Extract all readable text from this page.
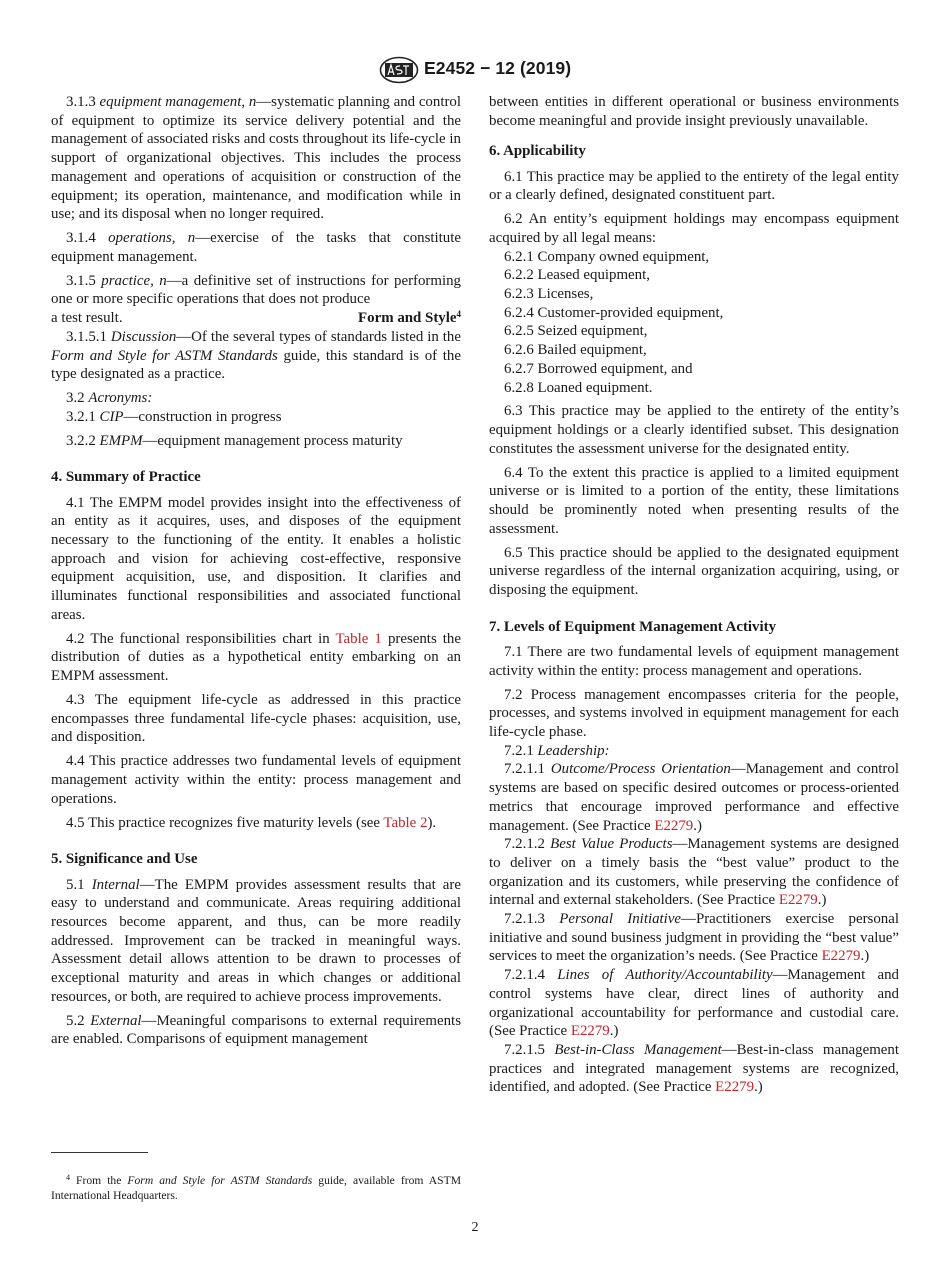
E2452 − 12 (2019)

3.1.3 equipment management, n—systematic planning and control of equipment to optimize its service delivery potential and the management of associated risks and costs throughout its life-cycle in support of organizational objectives. This includes the process management and operations of acquisition or construction of the equipment; its operation, maintenance, and modification while in use; and its disposal when no longer required.

3.1.4 operations, n—exercise of the tasks that constitute equipment management.

3.1.5 practice, n—a definitive set of instructions for performing one or more specific operations that does not produce

a test result.	Form and Style$^4$

3.1.5.1 Discussion—Of the several types of standards listed in the Form and Style for ASTM Standards guide, this standard is of the type designated as a practice.

3.2 Acronyms:

3.2.1 CIP—construction in progress

3.2.2 EMPM—equipment management process maturity

4. Summary of Practice

4.1 The EMPM model provides insight into the effectiveness of an entity as it acquires, uses, and disposes of the equipment necessary to the functioning of the entity. It enables a holistic approach and vision for achieving cost-effective, responsive equipment acquisition, use, and disposition. It clarifies and illuminates functional responsibilities and associated functional areas.

4.2 The functional responsibilities chart in Table 1 presents the distribution of duties as a hypothetical entity embarking on an EMPM assessment.

4.3 The equipment life-cycle as addressed in this practice encompasses three fundamental life-cycle phases: acquisition, use, and disposition.

4.4 This practice addresses two fundamental levels of equipment management activity within the entity: process management and operations.

4.5 This practice recognizes five maturity levels (see Table 2).

5. Significance and Use

5.1 Internal—The EMPM provides assessment results that are easy to understand and communicate. Areas requiring additional resources become apparent, and thus, can be more readily addressed. Improvement can be tracked in meaningful ways. Assessment detail allows attention to be drawn to processes of exceptional maturity and areas in which changes or additional resources, or both, are required to achieve process improvements.

5.2 External—Meaningful comparisons to external requirements are enabled. Comparisons of equipment management

between entities in different operational or business environments become meaningful and provide insight previously unavailable.

6. Applicability

6.1 This practice may be applied to the entirety of the legal entity or a clearly defined, designated constituent part.

6.2 An entity’s equipment holdings may encompass equipment acquired by all legal means:

6.2.1 Company owned equipment,

6.2.2 Leased equipment,

6.2.3 Licenses,

6.2.4 Customer-provided equipment,

6.2.5 Seized equipment,

6.2.6 Bailed equipment,

6.2.7 Borrowed equipment, and

6.2.8 Loaned equipment.

6.3 This practice may be applied to the entirety of the entity’s equipment holdings or a clearly identified subset. This designation constitutes the assessment universe for the designated entity.

6.4 To the extent this practice is applied to a limited equipment universe or is limited to a portion of the entity, these limitations should be prominently noted when presenting results of the assessment.

6.5 This practice should be applied to the designated equipment universe regardless of the internal organization acquiring, using, or disposing the equipment.

7. Levels of Equipment Management Activity

7.1 There are two fundamental levels of equipment management activity within the entity: process management and operations.

7.2 Process management encompasses criteria for the people, processes, and systems involved in equipment management for each life-cycle phase.

7.2.1 Leadership:

7.2.1.1 Outcome/Process Orientation—Management and control systems are based on specific desired outcomes or process-oriented metrics that encourage improved performance and effective management. (See Practice E2279.)

7.2.1.2 Best Value Products—Management systems are designed to deliver on a timely basis the “best value” product to the organization and its customers, while preserving the confidence of internal and external stakeholders. (See Practice E2279.)

7.2.1.3 Personal Initiative—Practitioners exercise personal initiative and sound business judgment in providing the “best value” services to meet the organization’s needs. (See Practice E2279.)

7.2.1.4 Lines of Authority/Accountability—Management and control systems have clear, direct lines of authority and organizational accountability for performance and custodial care. (See Practice E2279.)

7.2.1.5 Best-in-Class Management—Best-in-class management practices and integrated management systems are recognized, identified, and adopted. (See Practice E2279.)

$^4$ From the Form and Style for ASTM Standards guide, available from ASTM International Headquarters.

2
